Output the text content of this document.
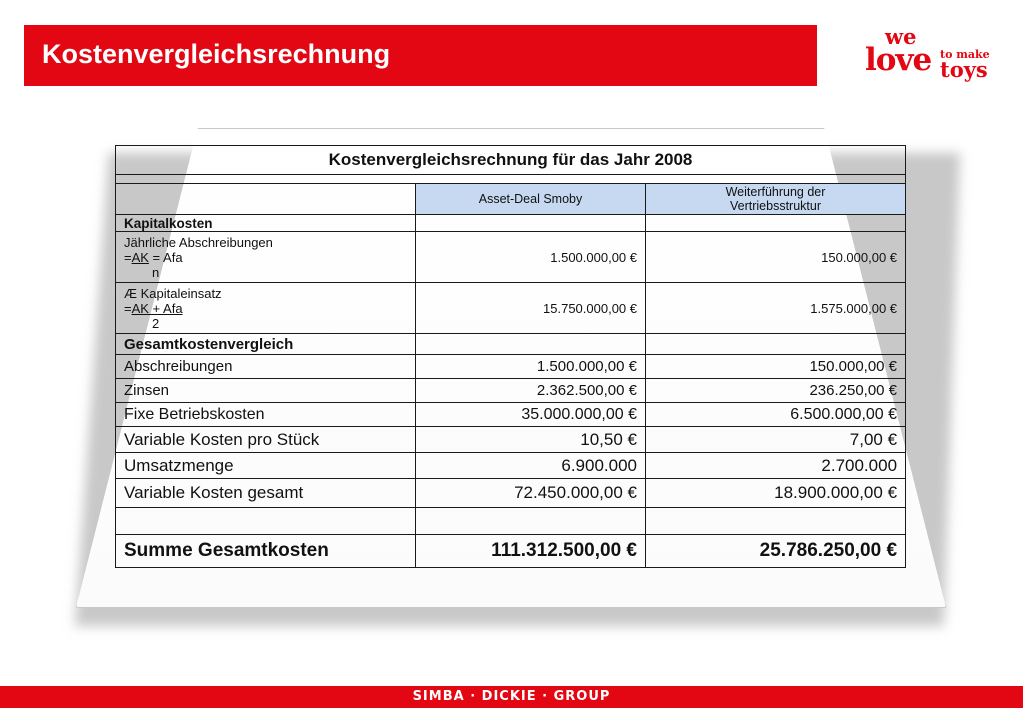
Kostenvergleichsrechnung
we
love to make
toys
Kostenvergleichsrechnung für das Jahr 2008		

	Asset-Deal Smoby	Weiterführung der
Vertriebsstruktur

Kapitalkosten		

Jährliche Abschreibungen
=AK = Afa
n	1.500.000,00 €	150.000,00 €

Æ Kapitaleinsatz
=AK + Afa
2	15.750.000,00 €	1.575.000,00 €
Gesamtkostenvergleich		
Abschreibungen	1.500.000,00 €	150.000,00 €
Zinsen	2.362.500,00 €	236.250,00 €
Fixe Betriebskosten	35.000.000,00 €	6.500.000,00 €
Variable Kosten pro Stück	10,50 €	7,00 €
Umsatzmenge	6.900.000	2.700.000
Variable Kosten gesamt	72.450.000,00 €	18.900.000,00 €

Summe Gesamtkosten	111.312.500,00 €	25.786.250,00 €
SIMBA · DICKIE · GROUP
